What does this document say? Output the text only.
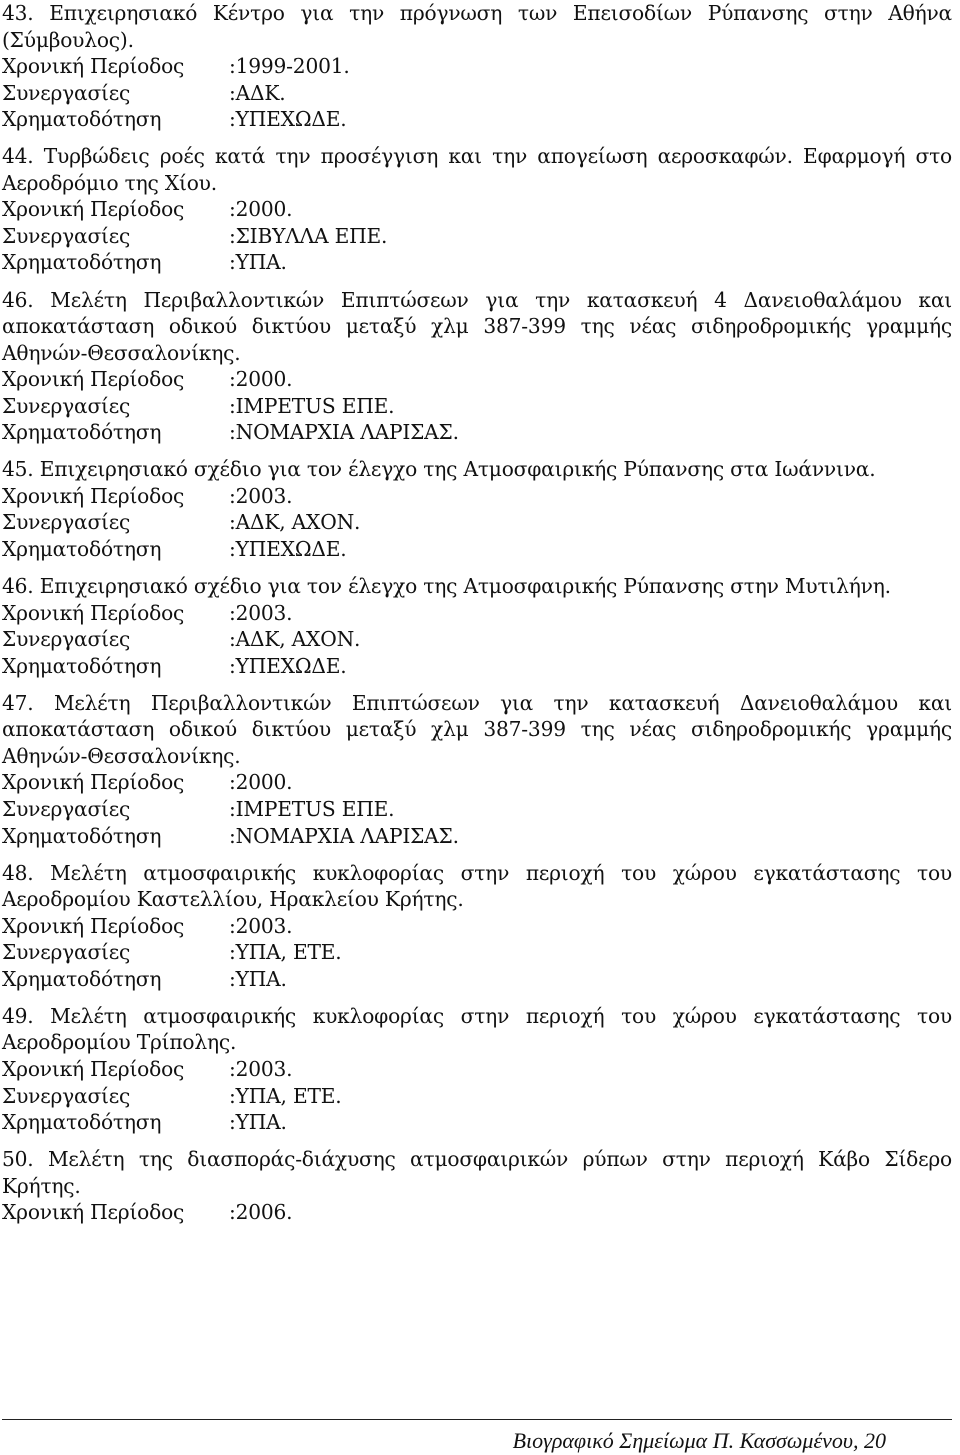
43. Επιχειρησιακό Κέντρο για την πρόγνωση των Επεισοδίων Ρύπανσης στην Αθήνα (Σύμβουλος).

Χρονική Περίοδος	:1999-2001.
Συνεργασίες	:ΑΔΚ.
Χρηματοδότηση	:ΥΠΕΧΩΔΕ.

44. Τυρβώδεις ροές κατά την προσέγγιση και την απογείωση αεροσκαφών. Εφαρμογή στο Αεροδρόμιο της Χίου.

Χρονική Περίοδος	:2000.
Συνεργασίες	:ΣΙΒΥΛΛΑ ΕΠΕ.
Χρηματοδότηση	:ΥΠΑ.

46. Μελέτη Περιβαλλοντικών Επιπτώσεων για την κατασκευή 4 Δανειοθαλάμου και αποκατάσταση οδικού δικτύου μεταξύ χλμ 387-399 της νέας σιδηροδρομικής γραμμής Αθηνών-Θεσσαλονίκης.

Χρονική Περίοδος	:2000.
Συνεργασίες	:IMPETUS ΕΠΕ.
Χρηματοδότηση	:ΝΟΜΑΡΧΙΑ ΛΑΡΙΣΑΣ.

45. Επιχειρησιακό σχέδιο για τον έλεγχο της Ατμοσφαιρικής Ρύπανσης στα Ιωάννινα.

Χρονική Περίοδος	:2003.
Συνεργασίες	:ΑΔΚ, ΑΧΟΝ.
Χρηματοδότηση	:ΥΠΕΧΩΔΕ.

46. Επιχειρησιακό σχέδιο για τον έλεγχο της Ατμοσφαιρικής Ρύπανσης στην Μυτιλήνη.

Χρονική Περίοδος	:2003.
Συνεργασίες	:ΑΔΚ, ΑΧΟΝ.
Χρηματοδότηση	:ΥΠΕΧΩΔΕ.

47. Μελέτη Περιβαλλοντικών Επιπτώσεων για την κατασκευή Δανειοθαλάμου και αποκατάσταση οδικού δικτύου μεταξύ χλμ 387-399 της νέας σιδηροδρομικής γραμμής Αθηνών-Θεσσαλονίκης.

Χρονική Περίοδος	:2000.
Συνεργασίες	:IMPETUS ΕΠΕ.
Χρηματοδότηση	:ΝΟΜΑΡΧΙΑ ΛΑΡΙΣΑΣ.

48. Μελέτη ατμοσφαιρικής κυκλοφορίας στην περιοχή του χώρου εγκατάστασης του Αεροδρομίου Καστελλίου, Ηρακλείου Κρήτης.

Χρονική Περίοδος	:2003.
Συνεργασίες	:ΥΠΑ, ΕΤΕ.
Χρηματοδότηση	:ΥΠΑ.

49. Μελέτη ατμοσφαιρικής κυκλοφορίας στην περιοχή του χώρου εγκατάστασης του Αεροδρομίου Τρίπολης.

Χρονική Περίοδος	:2003.
Συνεργασίες	:ΥΠΑ, ΕΤΕ.
Χρηματοδότηση	:ΥΠΑ.

50. Μελέτη της διασποράς-διάχυσης ατμοσφαιρικών ρύπων στην περιοχή Κάβο Σίδερο Κρήτης.

Χρονική Περίοδος	:2006.
Βιογραφικό Σημείωμα Π. Κασσωμένου, 20
